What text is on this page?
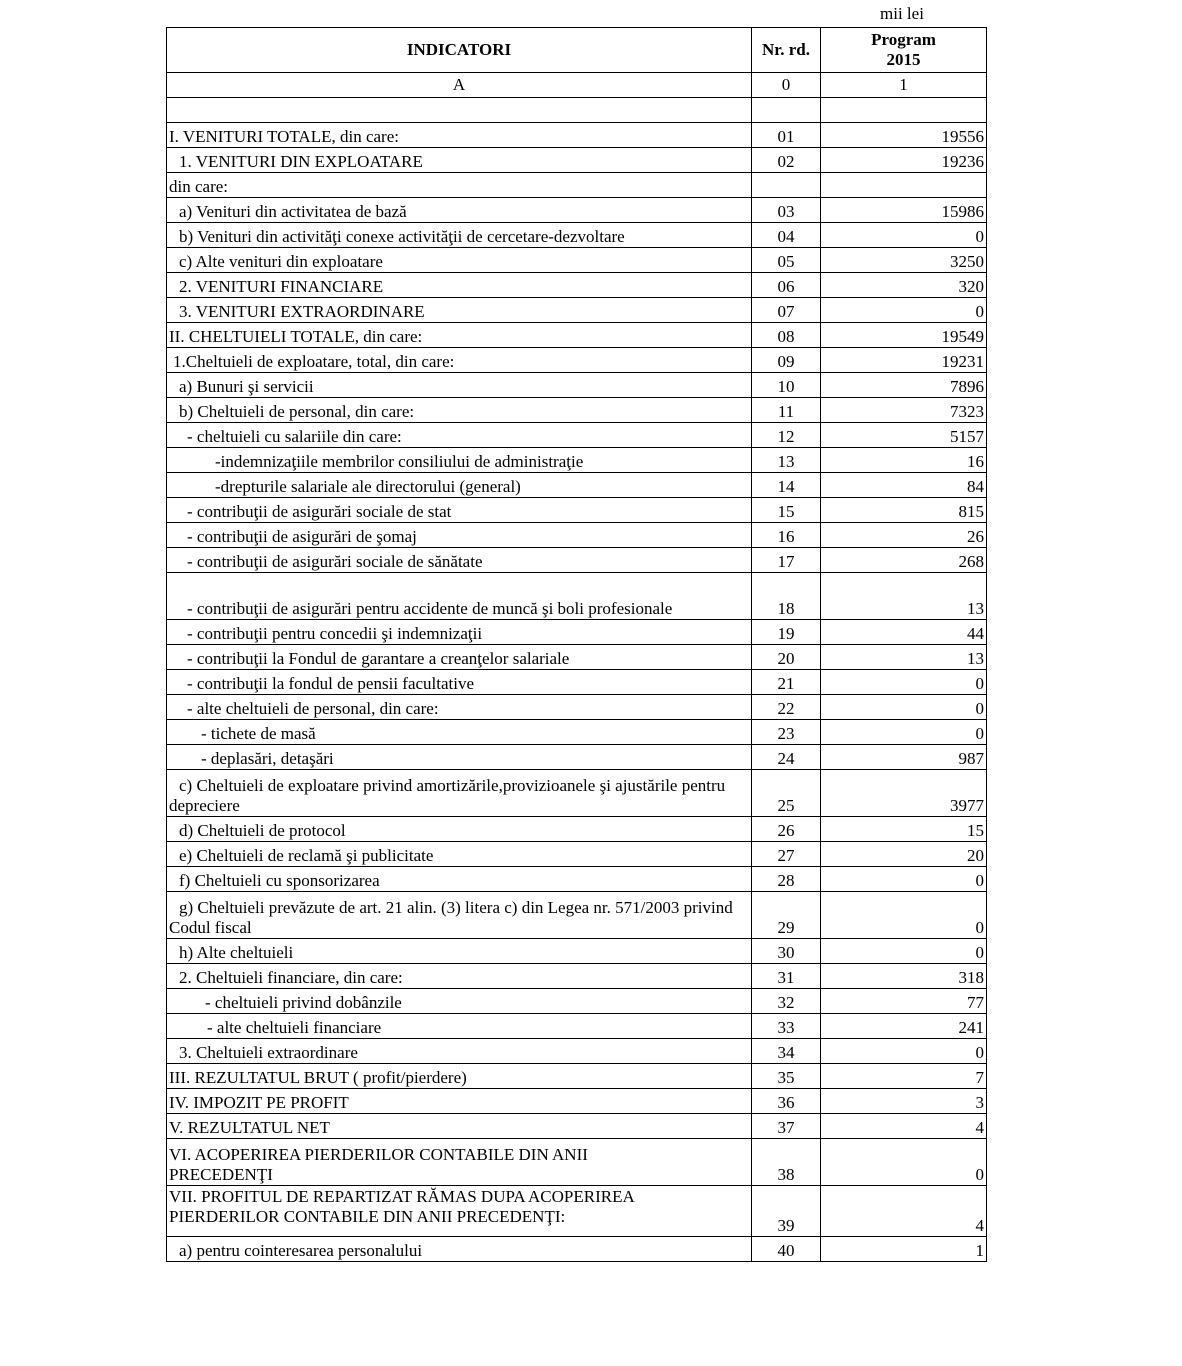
mii lei
INDICATORI	Nr. rd.	Program 2015
A	0	1

I. VENITURI TOTALE, din care:	01	19556
1. VENITURI DIN EXPLOATARE	02	19236
din care:		
a) Venituri din activitatea de bază	03	15986
b) Venituri din activităţi conexe activităţii de cercetare-dezvoltare	04	0
c) Alte venituri din exploatare	05	3250
2. VENITURI FINANCIARE	06	320
3. VENITURI EXTRAORDINARE	07	0
II. CHELTUIELI TOTALE, din care:	08	19549
1.Cheltuieli de exploatare, total, din care:	09	19231
a) Bunuri şi servicii	10	7896
b) Cheltuieli de personal, din care:	11	7323
- cheltuieli cu salariile din care:	12	5157
-indemnizaţiile membrilor consiliului de administraţie	13	16
-drepturile salariale ale directorului (general)	14	84
- contribuţii de asigurări sociale de stat	15	815
- contribuţii de asigurări de şomaj	16	26
- contribuţii de asigurări sociale de sănătate	17	268
- contribuţii de asigurări pentru accidente de muncă şi boli profesionale	18	13
- contribuţii pentru concedii şi indemnizaţii	19	44
- contribuţii la Fondul de garantare a creanţelor salariale	20	13
- contribuţii la fondul de pensii facultative	21	0
- alte cheltuieli de personal, din care:	22	0
- tichete de masă	23	0
- deplasări, detaşări	24	987
c) Cheltuieli de exploatare privind amortizările,provizioanele şi ajustările pentru depreciere	25	3977
d) Cheltuieli de protocol	26	15
e) Cheltuieli de reclamă şi publicitate	27	20
f) Cheltuieli cu sponsorizarea	28	0
g) Cheltuieli prevăzute de art. 21 alin. (3) litera c) din Legea nr. 571/2003 privind Codul fiscal	29	0
h) Alte cheltuieli	30	0
2. Cheltuieli financiare, din care:	31	318
- cheltuieli privind dobânzile	32	77
- alte cheltuieli financiare	33	241
3. Cheltuieli extraordinare	34	0
III. REZULTATUL BRUT ( profit/pierdere)	35	7
IV. IMPOZIT PE PROFIT	36	3
V. REZULTATUL NET	37	4
VI. ACOPERIREA PIERDERILOR CONTABILE DIN ANII PRECEDENŢI	38	0
VII. PROFITUL DE REPARTIZAT RĂMAS DUPA ACOPERIREA PIERDERILOR CONTABILE DIN ANII PRECEDENŢI:	39	4
a) pentru cointeresarea personalului	40	1
